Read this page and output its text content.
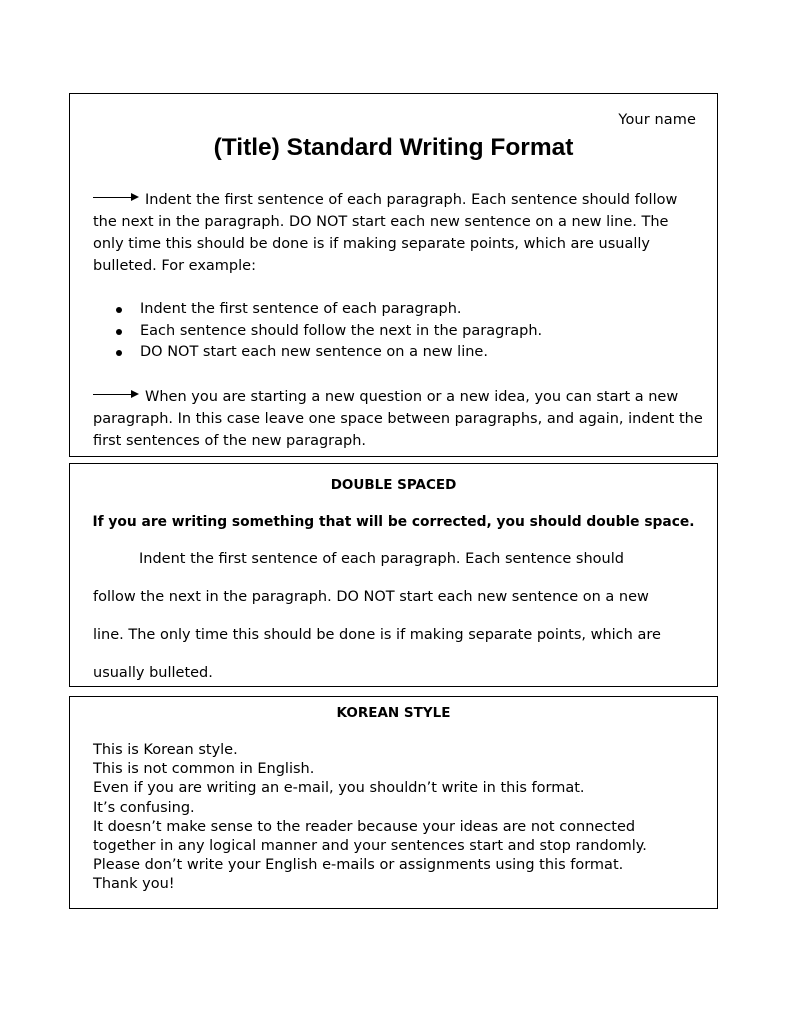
Your name
(Title) Standard Writing Format

Indent the first sentence of each paragraph. Each sentence should follow the next in the paragraph. DO NOT start each new sentence on a new line. The only time this should be done is if making separate points, which are usually bulleted. For example:

Indent the first sentence of each paragraph.
Each sentence should follow the next in the paragraph.
DO NOT start each new sentence on a new line.

When you are starting a new question or a new idea, you can start a new paragraph. In this case leave one space between paragraphs, and again, indent the first sentences of the new paragraph.

DOUBLE SPACED
If you are writing something that will be corrected, you should double space.
Indent the first sentence of each paragraph. Each sentence should
follow the next in the paragraph. DO NOT start each new sentence on a new
line. The only time this should be done is if making separate points, which are
usually bulleted.
KOREAN STYLE
This is Korean style.
This is not common in English.
Even if you are writing an e-mail, you shouldn’t write in this format.
It’s confusing.
It doesn’t make sense to the reader because your ideas are not connected
together in any logical manner and your sentences start and stop randomly.
Please don’t write your English e-mails or assignments using this format.
Thank you!
